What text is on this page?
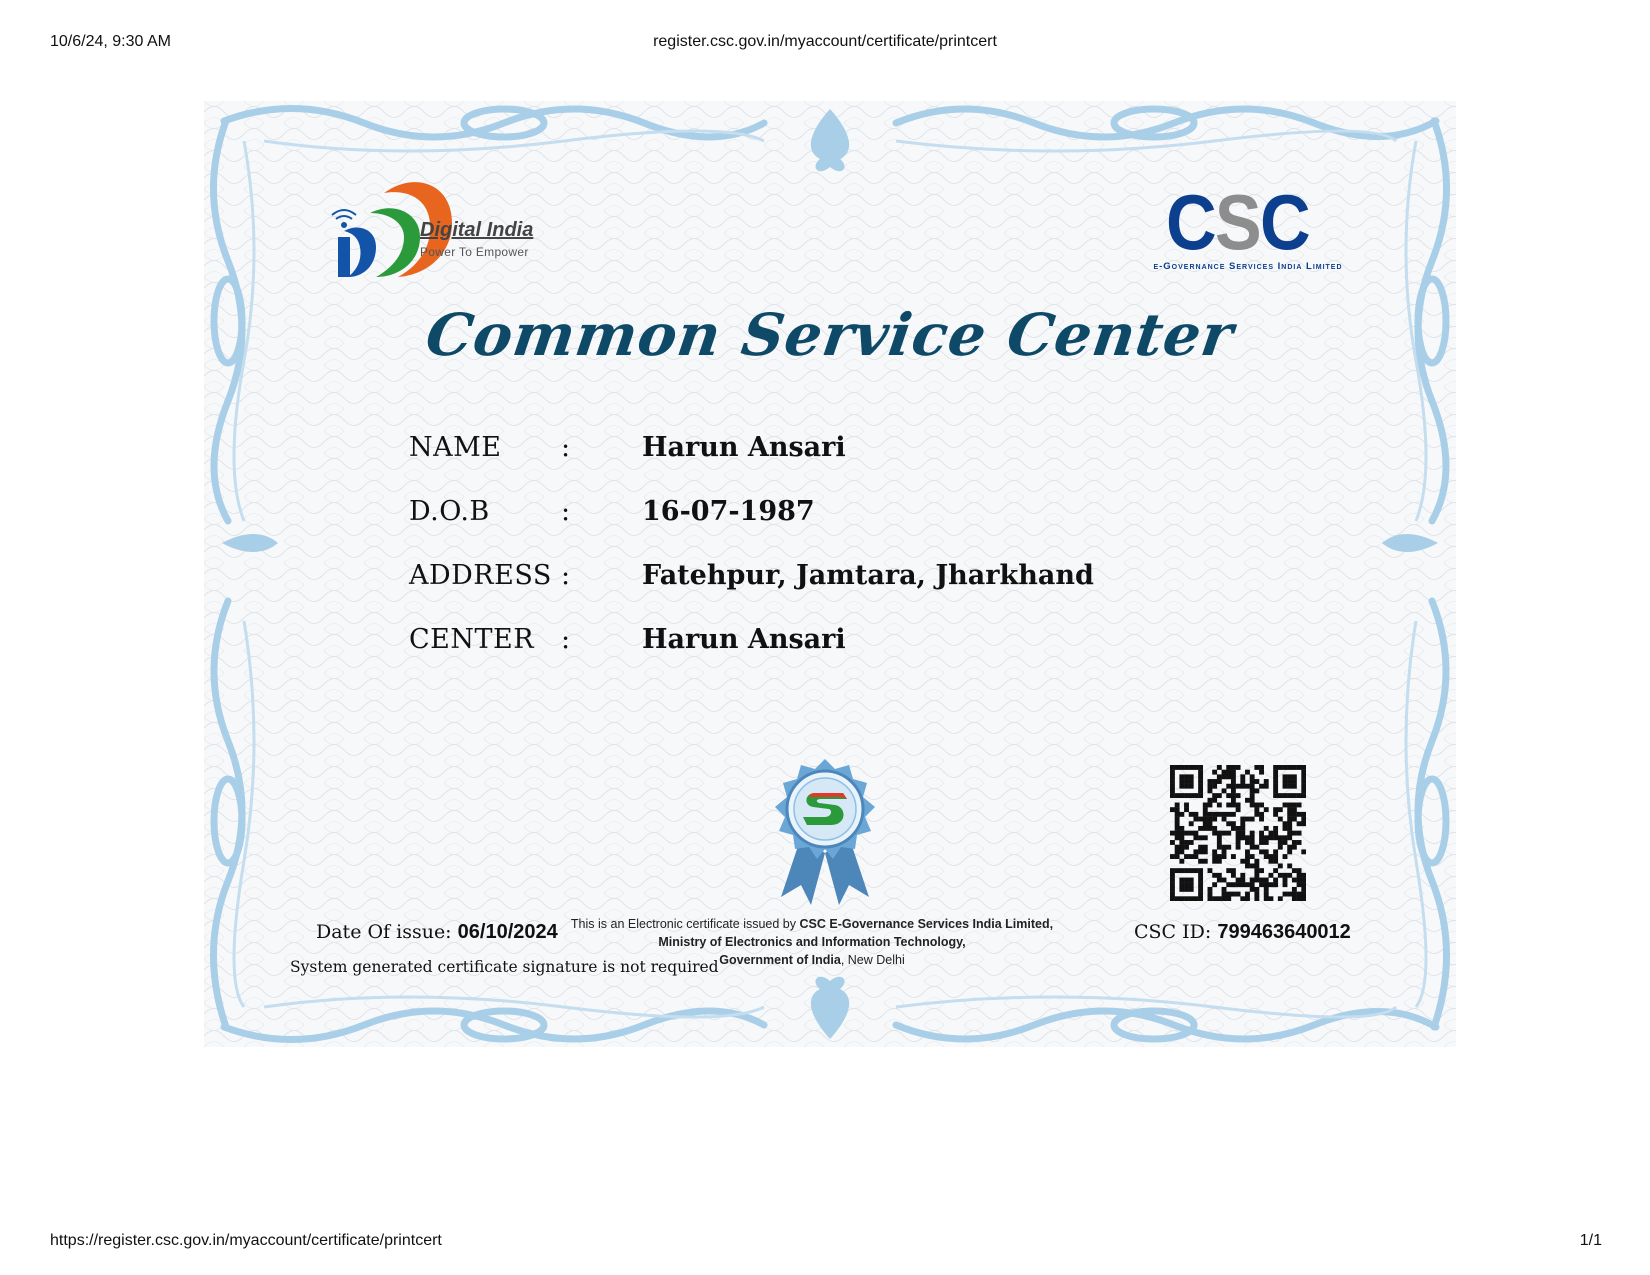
10/6/24, 9:30 AM	register.csc.gov.in/myaccount/certificate/printcert
Digital India
Power To Empower	CSC
e-Governance Services India Limited
Common Service Center
NAME :	Harun Ansari
D.O.B	:	16-07-1987
ADDRESS :	Fatehpur, Jamtara, Jharkhand
CENTER :	Harun Ansari
Date Of issue: 06/10/2024
System generated certificate signature is not required
This is an Electronic certificate issued by CSC E-Governance Services India Limited,
Ministry of Electronics and Information Technology,
Government of India, New Delhi
CSC ID: 799463640012
https://register.csc.gov.in/myaccount/certificate/printcert	1/1
